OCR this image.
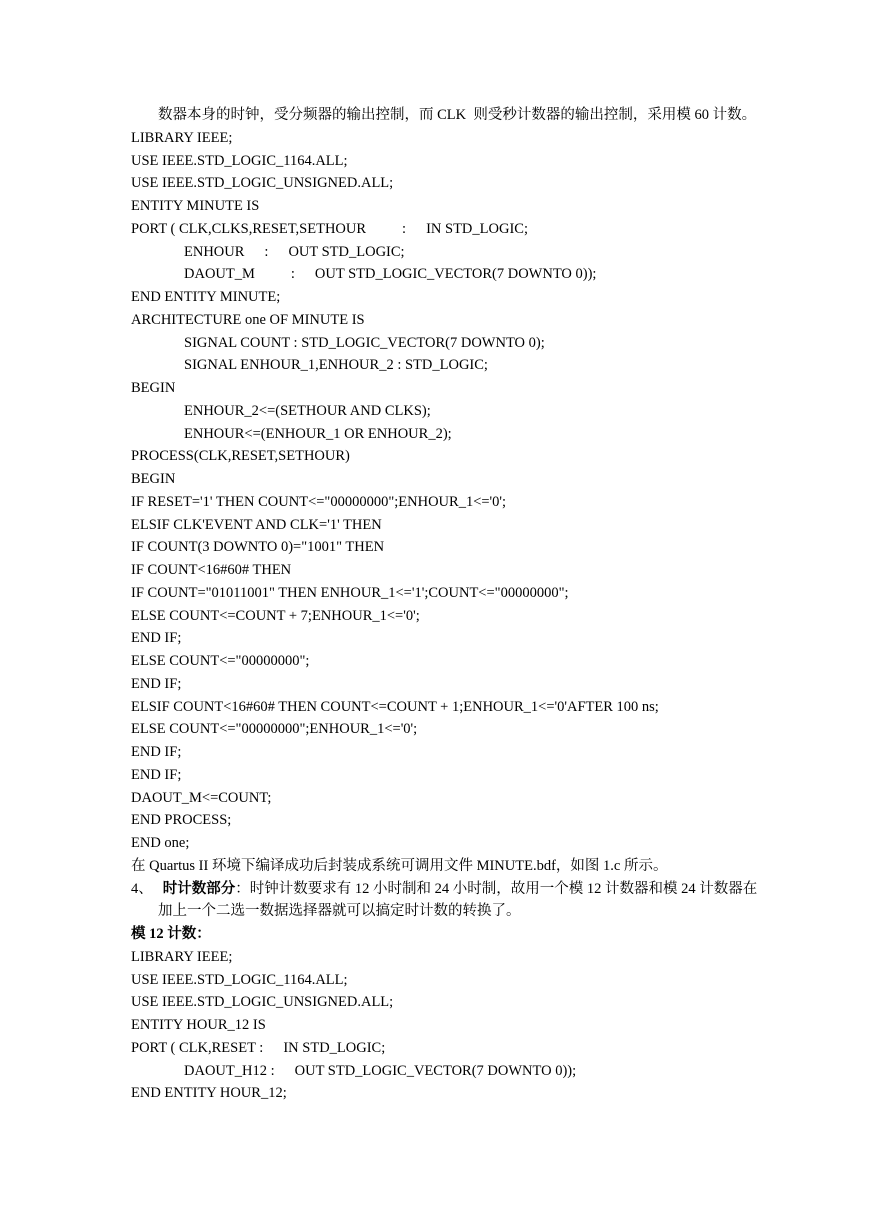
数器本身的时钟，受分频器的输出控制，而 CLK  则受秒计数器的输出控制，采用模 60 计数。
LIBRARY IEEE;
USE IEEE.STD_LOGIC_1164.ALL;
USE IEEE.STD_LOGIC_UNSIGNED.ALL;
ENTITY MINUTE IS
PORT ( CLK,CLKS,RESET,SETHOUR : IN STD_LOGIC;
ENHOUR : OUT STD_LOGIC;
DAOUT_M : OUT STD_LOGIC_VECTOR(7 DOWNTO 0));
END ENTITY MINUTE;
ARCHITECTURE one OF MINUTE IS
SIGNAL COUNT : STD_LOGIC_VECTOR(7 DOWNTO 0);
SIGNAL ENHOUR_1,ENHOUR_2 : STD_LOGIC;
BEGIN
ENHOUR_2<=(SETHOUR AND CLKS);
ENHOUR<=(ENHOUR_1 OR ENHOUR_2);
PROCESS(CLK,RESET,SETHOUR)
BEGIN
IF RESET='1' THEN COUNT<="00000000";ENHOUR_1<='0';
ELSIF CLK'EVENT AND CLK='1' THEN
IF COUNT(3 DOWNTO 0)="1001" THEN
IF COUNT<16#60# THEN
IF COUNT="01011001" THEN ENHOUR_1<='1';COUNT<="00000000";
ELSE COUNT<=COUNT + 7;ENHOUR_1<='0';
END IF;
ELSE COUNT<="00000000";
END IF;
ELSIF COUNT<16#60# THEN COUNT<=COUNT + 1;ENHOUR_1<='0'AFTER 100 ns;
ELSE COUNT<="00000000";ENHOUR_1<='0';
END IF;
END IF;
DAOUT_M<=COUNT;
END PROCESS;
END one;
在 Quartus II 环境下编译成功后封装成系统可调用文件 MINUTE.bdf，如图 1.c 所示。
4、 时计数部分：时钟计数要求有 12 小时制和 24 小时制，故用一个模 12 计数器和模 24 计数器在
加上一个二选一数据选择器就可以搞定时计数的转换了。
模 12 计数：
LIBRARY IEEE;
USE IEEE.STD_LOGIC_1164.ALL;
USE IEEE.STD_LOGIC_UNSIGNED.ALL;
ENTITY HOUR_12 IS
PORT ( CLK,RESET : IN STD_LOGIC;
DAOUT_H12 : OUT STD_LOGIC_VECTOR(7 DOWNTO 0));
END ENTITY HOUR_12;
